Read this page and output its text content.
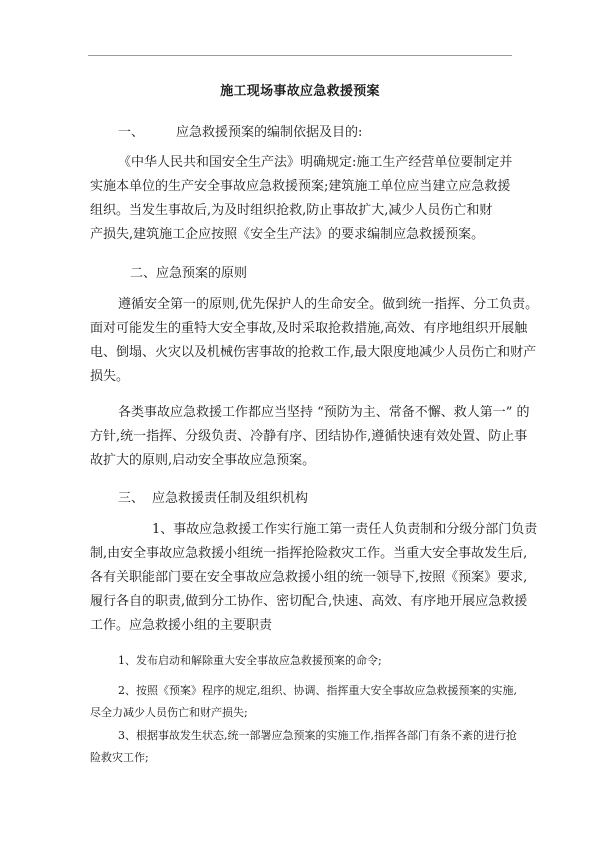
施工现场事故应急救援预案
一、 应急救援预案的编制依据及目的:
《中华人民共和国安全生产法》明确规定:施工生产经营单位要制定并
实施本单位的生产安全事故应急救援预案;建筑施工单位应当建立应急救援
组织。当发生事故后,为及时组织抢救,防止事故扩大,减少人员伤亡和财
产损失,建筑施工企应按照《安全生产法》的要求编制应急救援预案。
二、应急预案的原则
遵循安全第一的原则,优先保护人的生命安全。做到统一指挥、分工负责。
面对可能发生的重特大安全事故,及时采取抢救措施,高效、有序地组织开展触
电、倒塌、火灾以及机械伤害事故的抢救工作,最大限度地减少人员伤亡和财产
损失。
各类事故应急救援工作都应当坚持 “预防为主、常备不懈、救人第一” 的
方针,统一指挥、分级负责、冷静有序、团结协作,遵循快速有效处置、防止事
故扩大的原则,启动安全事故应急预案。
三、 应急救援责任制及组织机构
1、事故应急救援工作实行施工第一责任人负责制和分级分部门负责
制,由安全事故应急救援小组统一指挥抢险救灾工作。当重大安全事故发生后,
各有关职能部门要在安全事故应急救援小组的统一领导下,按照《预案》要求,
履行各自的职责,做到分工协作、密切配合,快速、高效、有序地开展应急救援
工作。应急救援小组的主要职责
1、发布启动和解除重大安全事故应急救援预案的命令;
2、按照《预案》程序的规定,组织、协调、指挥重大安全事故应急救援预案的实施,
尽全力减少人员伤亡和财产损失;
3、根据事故发生状态,统一部署应急预案的实施工作,指挥各部门有条不紊的进行抢
险救灾工作;
